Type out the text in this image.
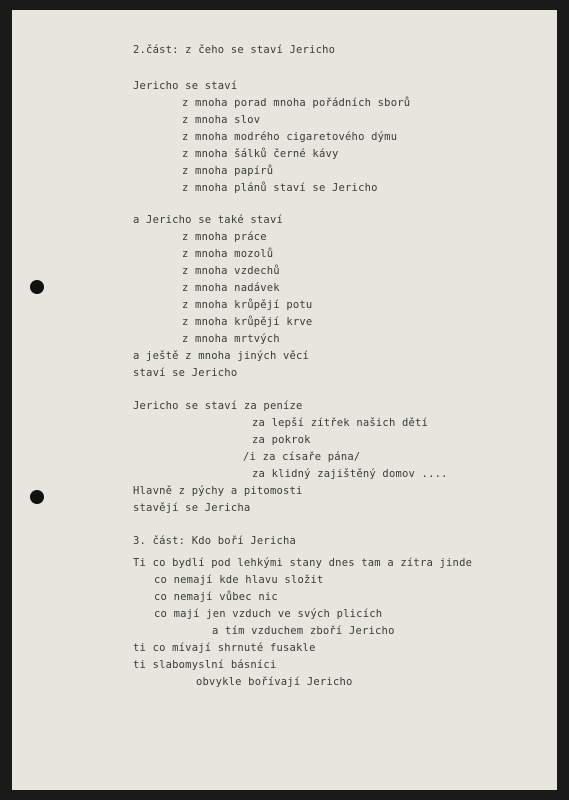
2.část: z čeho se staví Jericho
Jericho se staví
z mnoha porad mnoha pořádních sborů
z mnoha slov
z mnoha modrého cigaretového dýmu
z mnoha šálků černé kávy
z mnoha papírů
z mnoha plánů staví se Jericho
a Jericho se také staví
z mnoha práce
z mnoha mozolů
z mnoha vzdechů
z mnoha nadávek
z mnoha krůpějí potu
z mnoha krůpějí krve
z mnoha mrtvých
a ještě z mnoha jiných věcí
staví se Jericho
Jericho se staví za peníze
za lepší zítřek našich dětí
za pokrok
/i za císaře pána/
za klidný zajištěný domov ....
Hlavně z pýchy a pitomosti
stavějí se Jericha
3. část: Kdo boří Jericha
Ti co bydlí pod lehkými stany dnes tam a zítra jinde
co nemají kde hlavu složit
co nemají vůbec nic
co mají jen vzduch ve svých plicích
a tím vzduchem zboří Jericho
ti co mívají shrnuté fusakle
ti slabomyslní básníci
obvykle bořívají Jericho
